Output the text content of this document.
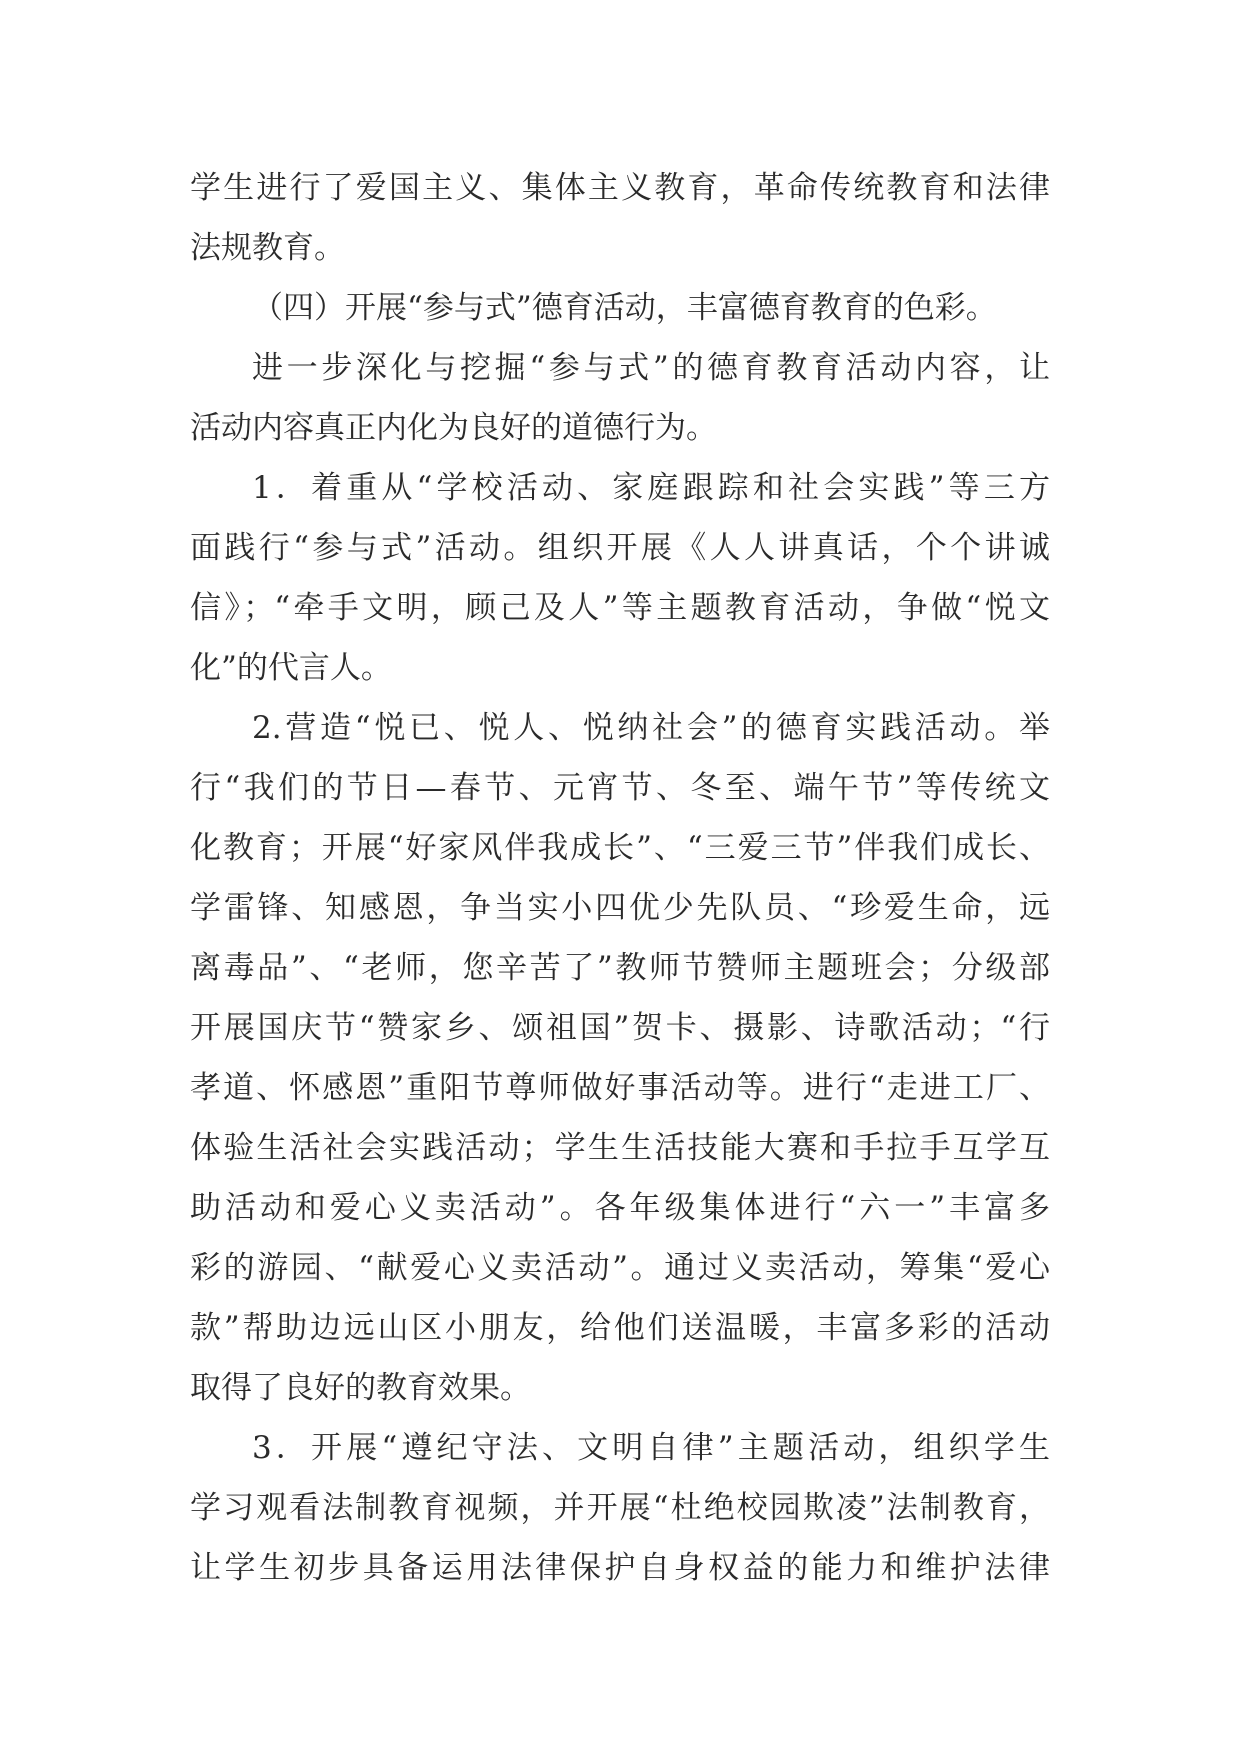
学生进行了爱国主义、集体主义教育，革命传统教育和法律
法规教育。
（四）开展“参与式”德育活动，丰富德育教育的色彩。
进一步深化与挖掘“参与式”的德育教育活动内容，让
活动内容真正内化为良好的道德行为。
1．着重从“学校活动、家庭跟踪和社会实践”等三方
面践行“参与式”活动。组织开展《人人讲真话，个个讲诚
信》；“牵手文明，顾己及人”等主题教育活动，争做“悦文
化”的代言人。
2.营造“悦已、悦人、悦纳社会”的德育实践活动。举
行“我们的节日—春节、元宵节、冬至、端午节”等传统文
化教育；开展“好家风伴我成长”、“三爱三节”伴我们成长、
学雷锋、知感恩，争当实小四优少先队员、“珍爱生命，远
离毒品”、“老师，您辛苦了”教师节赞师主题班会；分级部
开展国庆节“赞家乡、颂祖国”贺卡、摄影、诗歌活动；“行
孝道、怀感恩”重阳节尊师做好事活动等。进行“走进工厂、
体验生活社会实践活动；学生生活技能大赛和手拉手互学互
助活动和爱心义卖活动”。各年级集体进行“六一”丰富多
彩的游园、“献爱心义卖活动”。通过义卖活动，筹集“爱心
款”帮助边远山区小朋友，给他们送温暖，丰富多彩的活动
取得了良好的教育效果。
3．开展“遵纪守法、文明自律”主题活动，组织学生
学习观看法制教育视频，并开展“杜绝校园欺凌”法制教育，
让学生初步具备运用法律保护自身权益的能力和维护法律
